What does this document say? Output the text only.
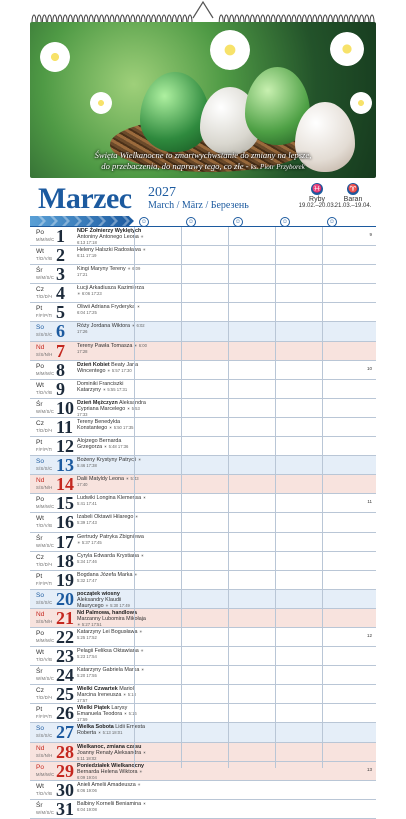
Święta Wielkanocne to zmartwychwstanie do zmiany na lepsze,
do przebaczenia, do naprawy tego, co złe - ks. Piotr Przyborek
Marzec 2027
March / März / Березень
♓
Ryby
19.02.–20.03.
♈
Baran
21.03.–19.04.
☺	☺	☺	☺	☺
Po
M/M/M/C 1 NDF Żołnierzy Wyklętych Antoniny Antonego Leona ☀ 6:13 17:18
9
Wt
T/D/V/B 2 Heleny Halszki Radosława ☀ 6:11 17:19
Śr
W/M/S/C 3 Kingi Maryny Tereny ☀ 6:09 17:21
Cz
T/D/D/Ч 4 Łucji Arkadiusza Kazimierza ☀ 6:06 17:23
Pt
F/F/P/П 5 Oliwii Adriana Fryderyka ☀ 6:04 17:25
So
S/S/S/C 6 Róży Jordana Wiktora ☀ 6:02 17:26
Nd
S/S/N/Н 7 Tereny Pawła Tomasza ☀ 6:00 17:28
Po
M/M/M/C 8 Dzień Kobiet Beaty Jana Wincentego ☀ 5:57 17:30	10
Wt
T/D/V/B 9 Dominiki Franciszki Katarzyny ☀ 5:55 17:31
Śr
W/M/S/C 10 Dzień Mężczyzn Aleksandra Cypriana Marcelego ☀ 5:53 17:33
Cz
T/D/D/Ч 11 Tereny Benedykta Konstantego ☀ 5:50 17:35
Pt
F/F/P/П 12 Alojzego Bernarda Grzegorza ☀ 5:48 17:36
So
S/S/S/C 13 Bożeny Krystyny Patrycji ☀ 5:46 17:38
Nd
S/S/N/Н 14 Dalii Matyldy Leona ☀ 5:43 17:40
Po
M/M/M/C 15 Ludwiki Longina Klemensa ☀ 5:41 17:41	11
Wt
T/D/V/B 16 Izabeli Oktawii Hilarego ☀ 5:39 17:43
Śr
W/M/S/C 17 Gertrudy Patryka Zbigniewa ☀ 5:37 17:45
Cz
T/D/D/Ч 18 Cyryla Edwarda Krystiana ☀ 5:34 17:46
Pt
F/F/P/П 19 Bogdana Józefa Marka ☀ 5:32 17:47
So
S/S/S/C 20 początek wiosny Aleksandry Klaudii Maurycego ☀ 5:30 17:49
Nd
S/S/N/Н 21 Nd Palmowa, handlowa Marzanny Lubomira Mikołaja ☀ 5:27 17:51
Po
M/M/M/C 22 Katarzyny Lei Bogusława ☀ 5:25 17:52	12
Wt
T/D/V/B 23 Pelagii Feliksa Oktawiana ☀ 5:23 17:54
Śr
W/M/S/C 24 Katarzyny Gabriela Marka ☀ 5:20 17:55
Cz
T/D/D/Ч 25 Wielki Czwartek Marioli Marcina Ireneusza ☀ 5:18 17:57
Pt
F/F/P/П 26 Wielki Piątek Larysy Emanuela Teodora ☀ 5:16 17:59
So
S/S/S/C 27 Wielka Sobota Lidii Ernesta Roberta ☀ 5:13 18:01
Nd
S/S/N/Н 28 Wielkanoc, zmiana czasu Joanny Renaty Aleksandra ☀ 5:11 18:02
Po
M/M/M/C 29 Poniedziałek Wielkanocny Bernarda Helena Wiktora ☀ 6:09 19:04
13
Wt
T/D/V/B 30 Anieli Amelii Amadeusza ☀ 6:06 19:06
Śr
W/M/S/C 31 Balbiny Kornelii Beniamina ☀ 6:04 19:08
